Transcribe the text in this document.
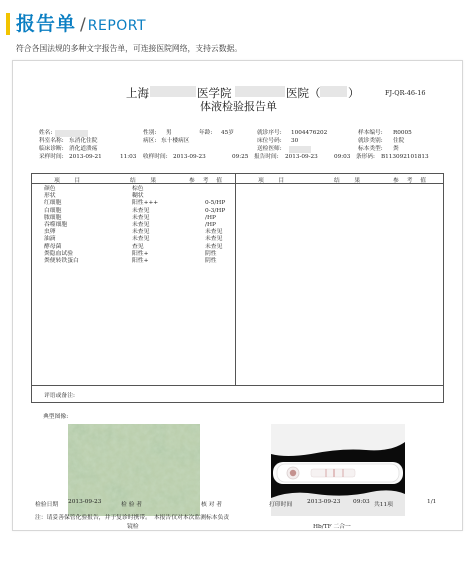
报告单 / REPORT
符合各国法规的多种文字报告单，可连接医院网络，支持云数据。
上海	医学院	医院（ ）	FJ-QR-46-16
体液检验报告单
姓名:	性别: 男	年龄: 45岁	就诊序号: 1004476202	样本编号: R0005
科室名称: 东消化住院	病区: 东十楼病区	床位号码: 30	就诊类别: 住院
临床诊断: 消化道溃疡	送检医师:	标本类型: 粪
采样时间: 2013-09-21	11:03 收样时间: 2013-09-23	09:25 报告时间: 2013-09-23	09:03 条形码: B113092101813
项　　目	结　　果	参　考　值	项　　目	结　　果	参　考　值
颜色	棕色
形状	糊状
红细胞	阳性+++	0-5/HP
白细胞	未查见	0-3/HP
脓细胞	未查见	/HP
吞噬细胞	未查见	/HP
虫卵	未查见	未查见
油滴	未查见	未查见
酵母菌	查见	未查见
粪隐血试验	阳性+	阴性
粪便转铁蛋白	阳性+	阴性
评语或备注:
典型图像:
镜检	Hb/TF 二合一
检验日期 2013-09-23	检 验 者	核 对 者	打印时间	2013-09-23 09:03 共11项	1/1
注：请妥善保管化验报告，并于复诊时携带。　本报告仅对本次监测标本负责
